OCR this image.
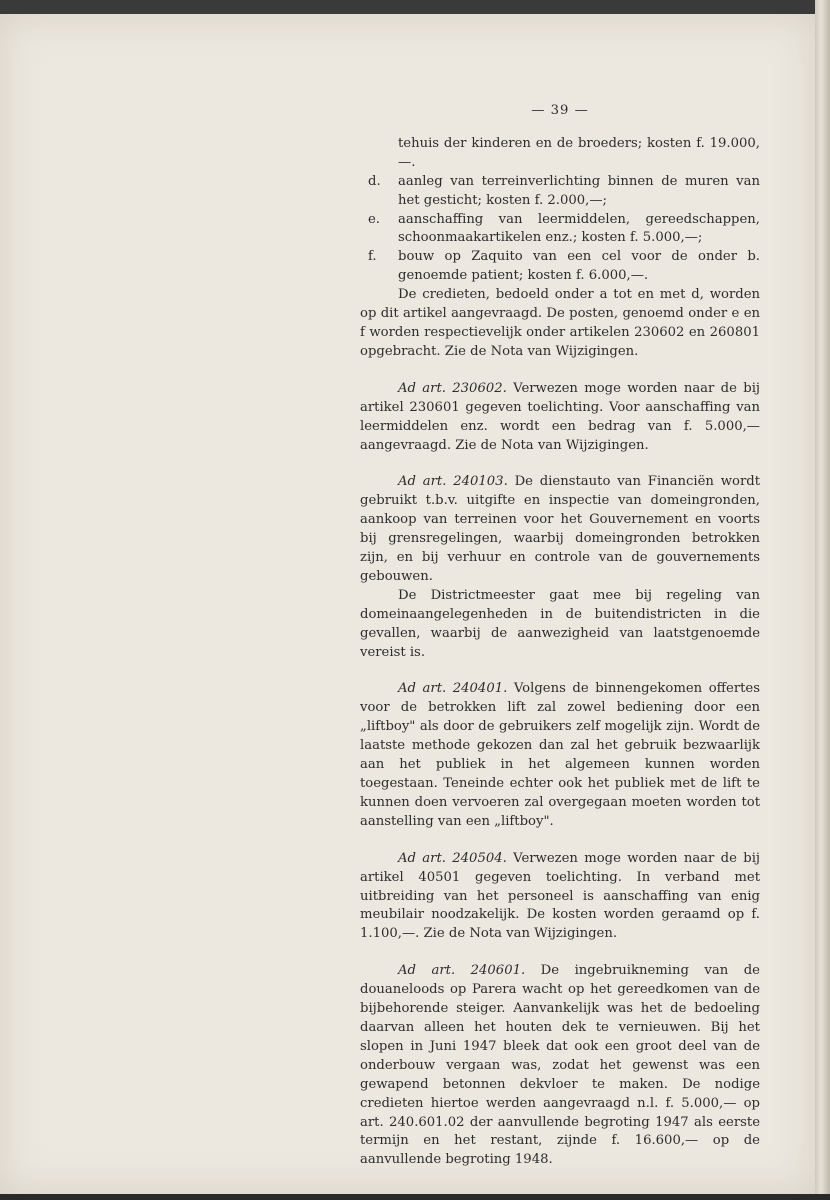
— 39 —
tehuis der kinderen en de broeders; kosten f. 19.000,—.
d. aanleg van terreinverlichting binnen de muren van het gesticht; kosten f. 2.000,—;
e. aanschaffing van leermiddelen, gereedschappen, schoonmaakartikelen enz.; kosten f. 5.000,—;
f. bouw op Zaquito van een cel voor de onder b. genoemde patient; kosten f. 6.000,—.
De credieten, bedoeld onder a tot en met d, worden op dit artikel aangevraagd. De posten, genoemd onder e en f worden respectievelijk onder artikelen 230602 en 260801 opgebracht. Zie de Nota van Wijzigingen.
Ad art. 230602. Verwezen moge worden naar de bij artikel 230601 gegeven toelichting. Voor aanschaffing van leermiddelen enz. wordt een bedrag van f. 5.000,— aangevraagd. Zie de Nota van Wijzigingen.
Ad art. 240103. De dienstauto van Financiën wordt gebruikt t.b.v. uitgifte en inspectie van domeingronden, aankoop van terreinen voor het Gouvernement en voorts bij grensregelingen, waarbij domeingronden betrokken zijn, en bij verhuur en controle van de gouvernements gebouwen.
De Districtmeester gaat mee bij regeling van domeinaangelegenheden in de buitendistricten in die gevallen, waarbij de aanwezigheid van laatstgenoemde vereist is.
Ad art. 240401. Volgens de binnengekomen offertes voor de betrokken lift zal zowel bediening door een „liftboy" als door de gebruikers zelf mogelijk zijn. Wordt de laatste methode gekozen dan zal het gebruik bezwaarlijk aan het publiek in het algemeen kunnen worden toegestaan. Teneinde echter ook het publiek met de lift te kunnen doen vervoeren zal overgegaan moeten worden tot aanstelling van een „liftboy".
Ad art. 240504. Verwezen moge worden naar de bij artikel 40501 gegeven toelichting. In verband met uitbreiding van het personeel is aanschaffing van enig meubilair noodzakelijk. De kosten worden geraamd op f. 1.100,—. Zie de Nota van Wijzigingen.
Ad art. 240601. De ingebruikneming van de douaneloods op Parera wacht op het gereedkomen van de bijbehorende steiger. Aanvankelijk was het de bedoeling daarvan alleen het houten dek te vernieuwen. Bij het slopen in Juni 1947 bleek dat ook een groot deel van de onderbouw vergaan was, zodat het gewenst was een gewapend betonnen dekvloer te maken. De nodige credieten hiertoe werden aangevraagd n.l. f. 5.000,— op art. 240.601.02 der aanvullende begroting 1947 als eerste termijn en het restant, zijnde f. 16.600,— op de aanvullende begroting 1948.
